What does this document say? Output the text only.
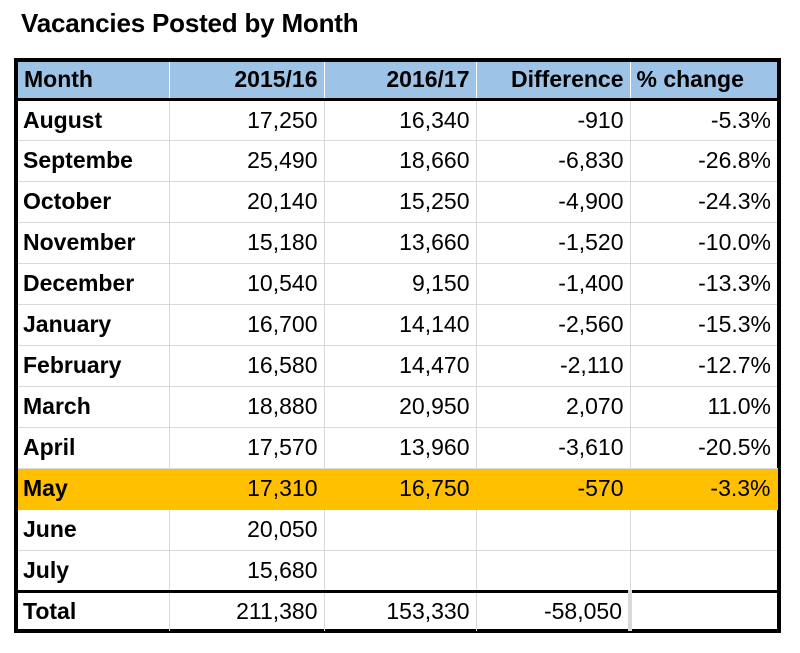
Vacancies Posted by Month
Month	2015/16	2016/17	Difference	% change
August	17,250	16,340	-910	-5.3%
Septembe	25,490	18,660	-6,830	-26.8%
October	20,140	15,250	-4,900	-24.3%
November	15,180	13,660	-1,520	-10.0%
December	10,540	9,150	-1,400	-13.3%
January	16,700	14,140	-2,560	-15.3%
February	16,580	14,470	-2,110	-12.7%
March	18,880	20,950	2,070	11.0%
April	17,570	13,960	-3,610	-20.5%
May	17,310	16,750	-570	-3.3%
June	20,050			
July	15,680			
Total	211,380	153,330	-58,050	
